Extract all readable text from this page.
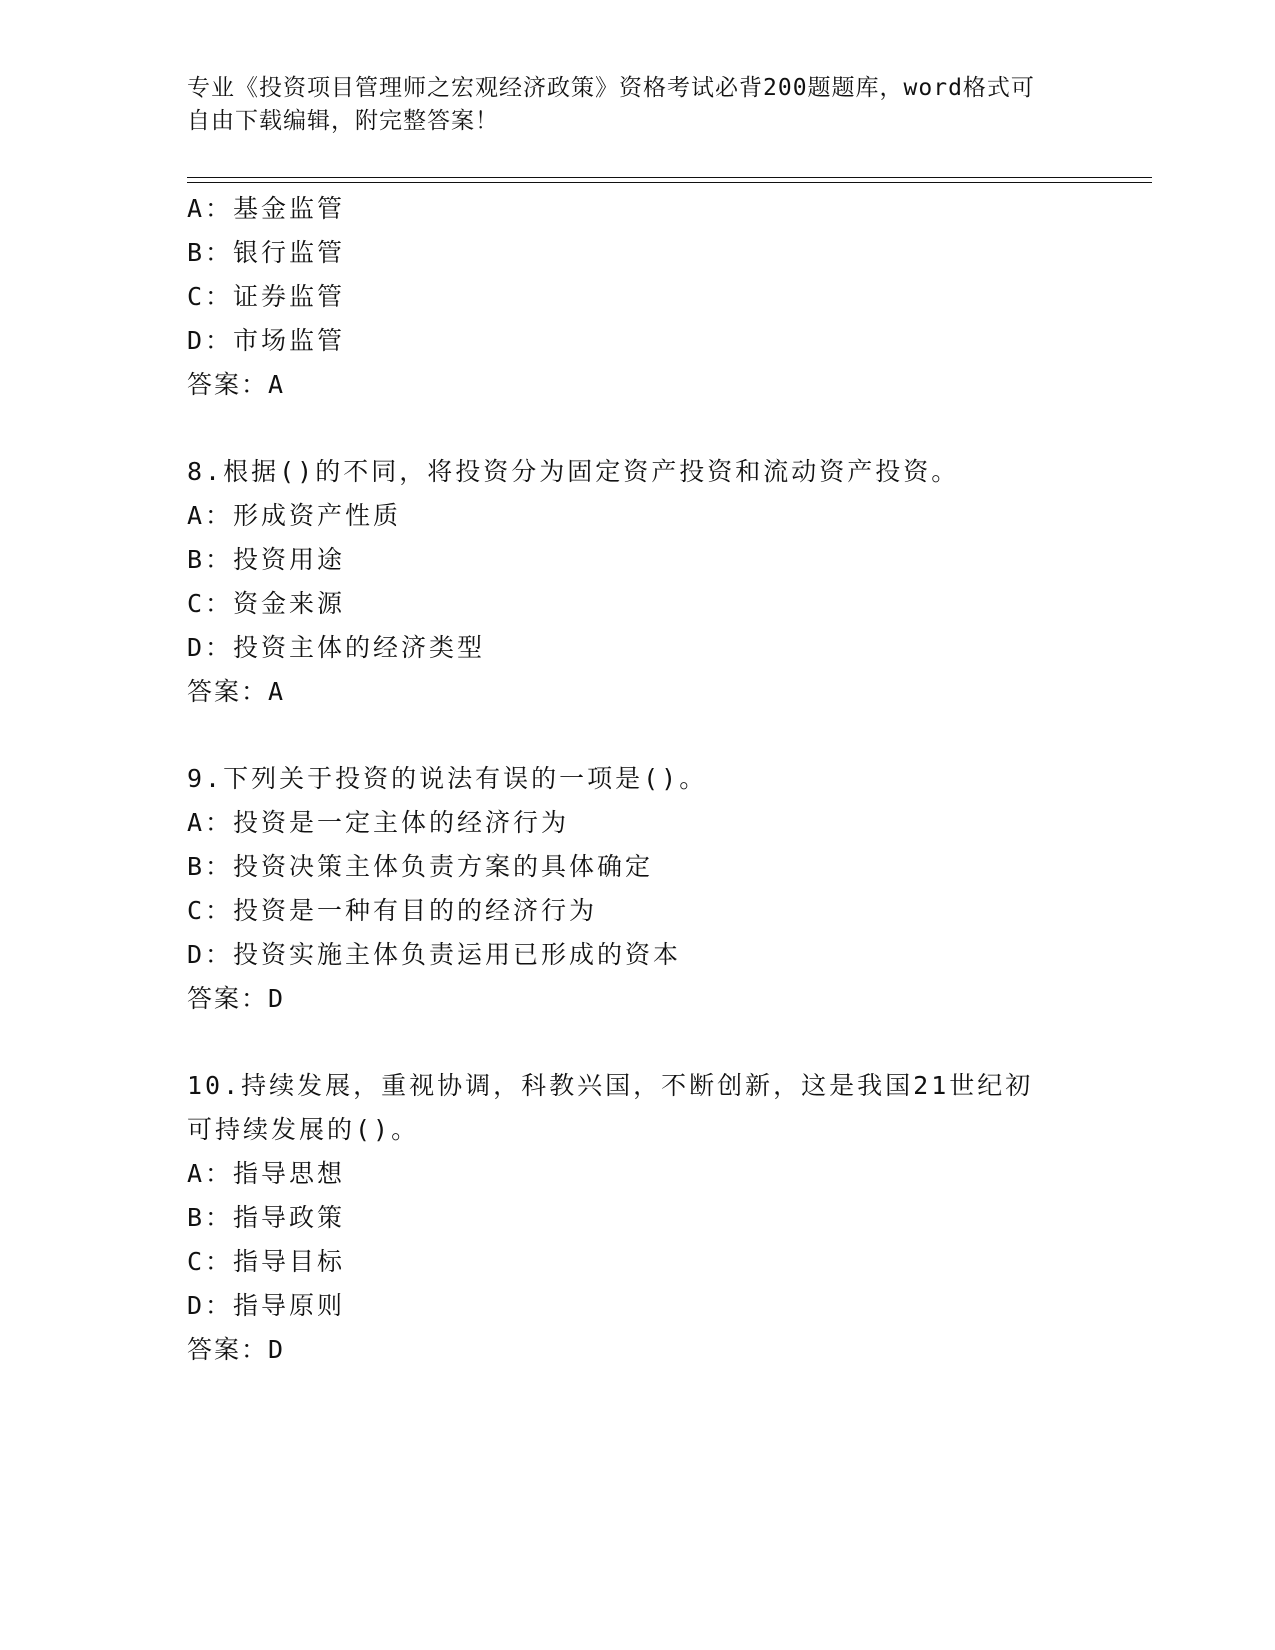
专业《投资项目管理师之宏观经济政策》资格考试必背200题题库，word格式可
自由下载编辑，附完整答案！
A：基金监管
B：银行监管
C：证券监管
D：市场监管
答案：A
8.根据()的不同，将投资分为固定资产投资和流动资产投资。
A：形成资产性质
B：投资用途
C：资金来源
D：投资主体的经济类型
答案：A
9.下列关于投资的说法有误的一项是()。
A：投资是一定主体的经济行为
B：投资决策主体负责方案的具体确定
C：投资是一种有目的的经济行为
D：投资实施主体负责运用已形成的资本
答案：D
10.持续发展，重视协调，科教兴国，不断创新，这是我国21世纪初
可持续发展的()。
A：指导思想
B：指导政策
C：指导目标
D：指导原则
答案：D
